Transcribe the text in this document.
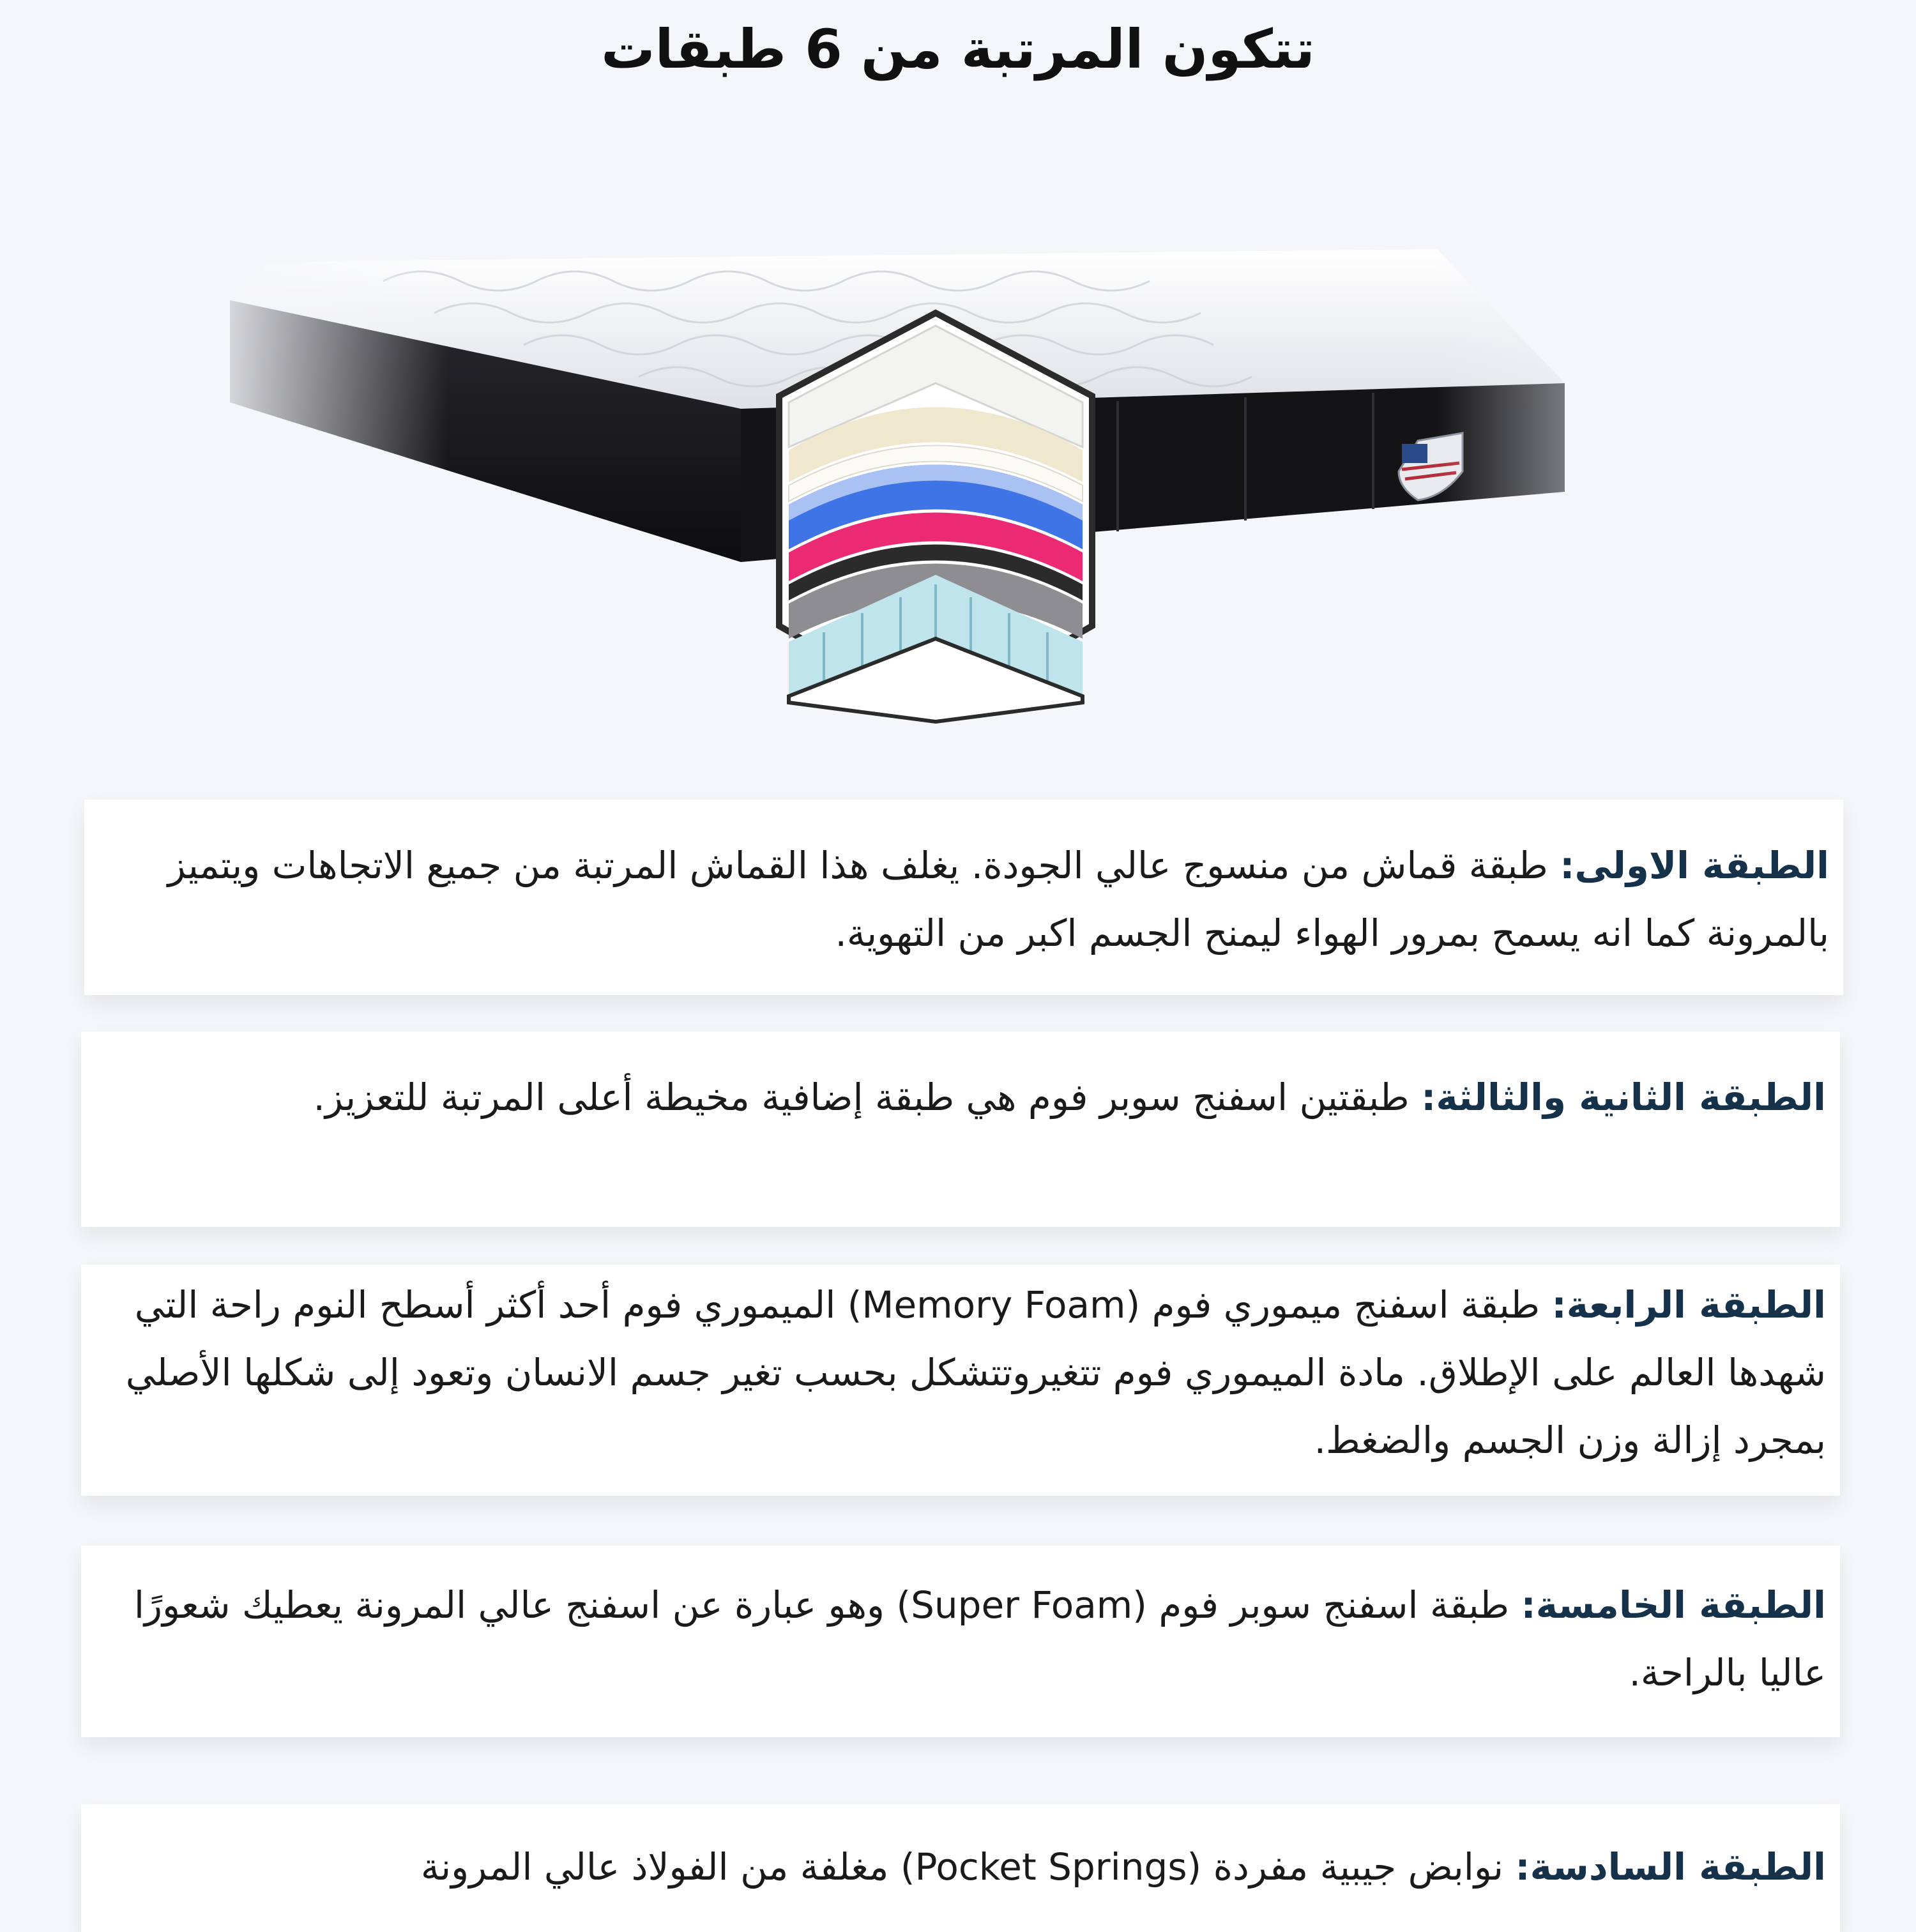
تتكون المرتبة من 6 طبقات

الطبقة الاولى: طبقة قماش من منسوج عالي الجودة. يغلف هذا القماش المرتبة من جميع الاتجاهات ويتميز بالمرونة كما انه يسمح بمرور الهواء ليمنح الجسم اكبر من التهوية.

الطبقة الثانية والثالثة: طبقتين اسفنج سوبر فوم هي طبقة إضافية مخيطة أعلى المرتبة للتعزيز.

الطبقة الرابعة: طبقة اسفنج ميموري فوم (Memory Foam) الميموري فوم أحد أكثر أسطح النوم راحة التي شهدها العالم على الإطلاق. مادة الميموري فوم تتغيروتتشكل بحسب تغير جسم الانسان وتعود إلى شكلها الأصلي بمجرد إزالة وزن الجسم والضغط.

الطبقة الخامسة: طبقة اسفنج سوبر فوم (Super Foam) وهو عبارة عن اسفنج عالي المرونة يعطيك شعورًا عاليا بالراحة.

الطبقة السادسة: نوابض جيبية مفردة (Pocket Springs) مغلفة من الفولاذ عالي المرونة
